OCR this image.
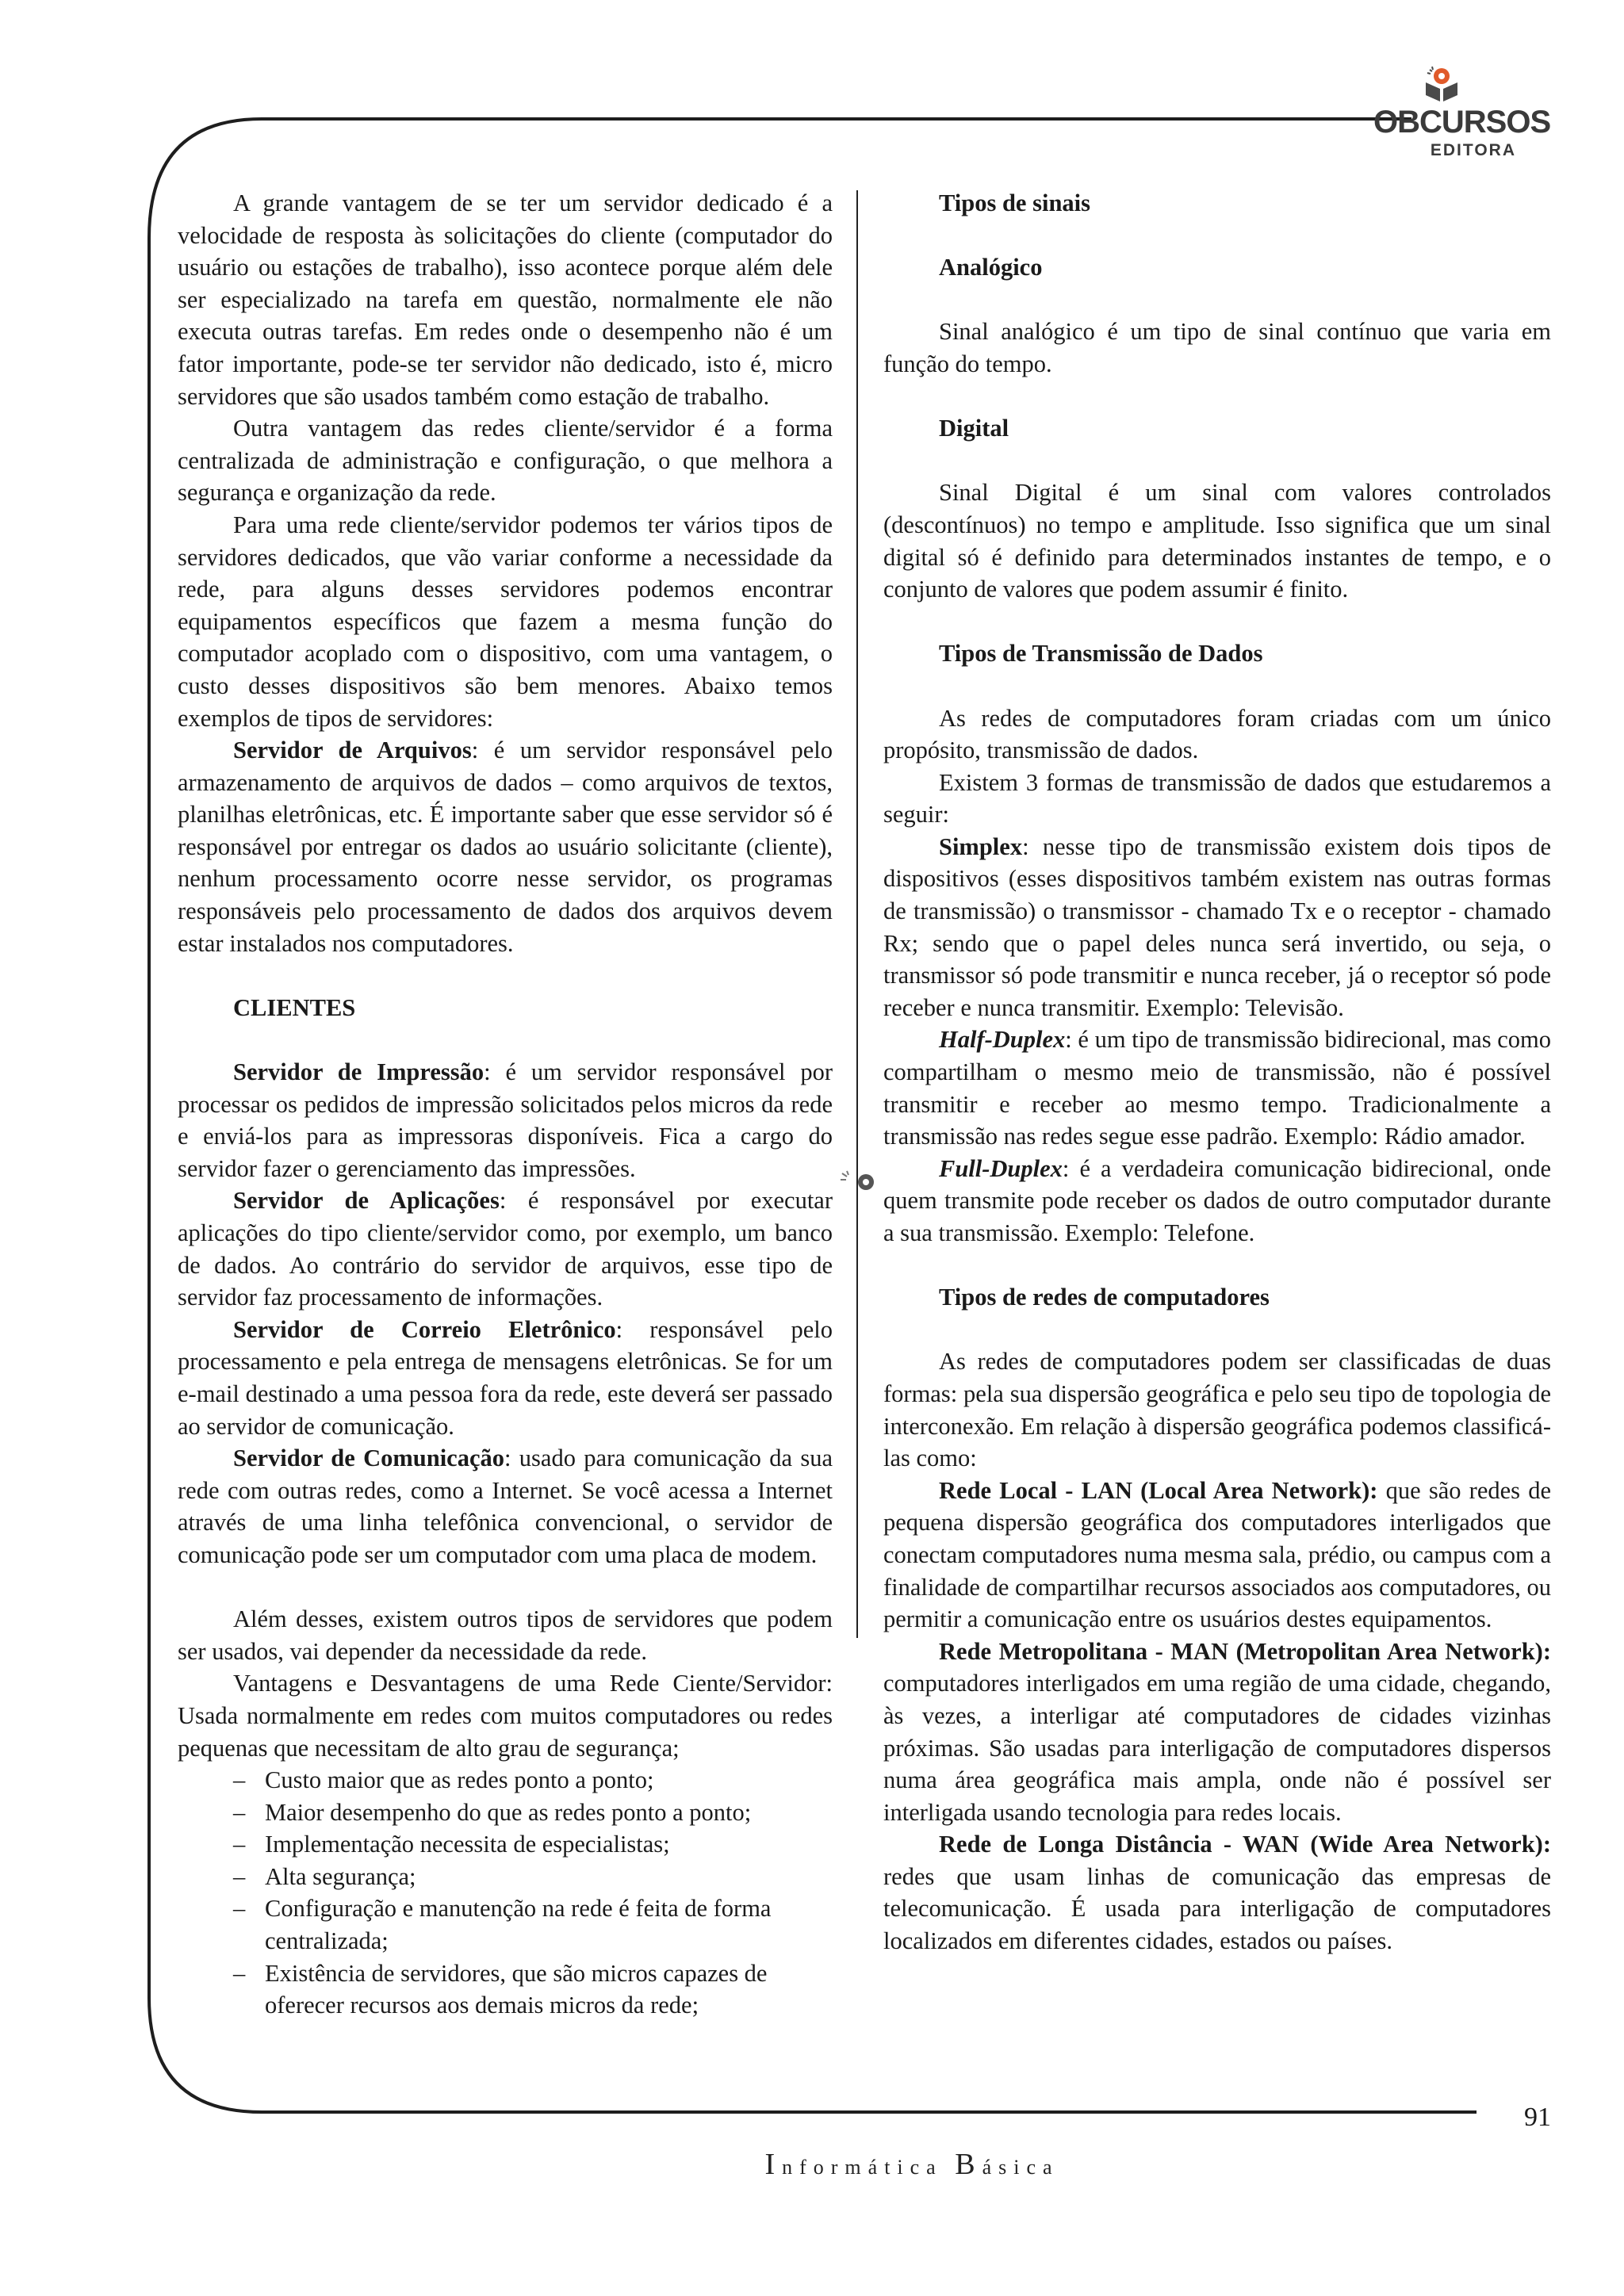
OBCURSOS
EDITORA

A grande vantagem de se ter um servidor dedicado é a velocidade de resposta às solicitações do cliente (computador do usuário ou estações de trabalho), isso acontece porque além dele ser especializado na tarefa em questão, normalmente ele não executa outras tarefas. Em redes onde o desempenho não é um fator importante, pode-se ter servidor não dedicado, isto é, micro servidores que são usados também como estação de trabalho.

Outra vantagem das redes cliente/servidor é a forma centralizada de administração e configuração, o que melhora a segurança e organização da rede.

Para uma rede cliente/servidor podemos ter vários tipos de servidores dedicados, que vão variar conforme a necessidade da rede, para alguns desses servidores podemos encontrar equipamentos específicos que fazem a mesma função do computador acoplado com o dispositivo, com uma vantagem, o custo desses dispositivos são bem menores. Abaixo temos exemplos de tipos de servidores:

Servidor de Arquivos: é um servidor responsável pelo armazenamento de arquivos de dados – como arquivos de textos, planilhas eletrônicas, etc. É importante saber que esse servidor só é responsável por entregar os dados ao usuário solicitante (cliente), nenhum processamento ocorre nesse servidor, os programas responsáveis pelo processamento de dados dos arquivos devem estar instalados nos computadores.

CLIENTES

Servidor de Impressão: é um servidor responsável por processar os pedidos de impressão solicitados pelos micros da rede e enviá-los para as impressoras disponíveis. Fica a cargo do servidor fazer o gerenciamento das impressões.

Servidor de Aplicações: é responsável por executar aplicações do tipo cliente/servidor como, por exemplo, um banco de dados. Ao contrário do servidor de arquivos, esse tipo de servidor faz processamento de informações.

Servidor de Correio Eletrônico: responsável pelo processamento e pela entrega de mensagens eletrônicas. Se for um e-mail destinado a uma pessoa fora da rede, este deverá ser passado ao servidor de comunicação.

Servidor de Comunicação: usado para comunicação da sua rede com outras redes, como a Internet. Se você acessa a Internet através de uma linha telefônica convencional, o servidor de comunicação pode ser um computador com uma placa de modem.

Além desses, existem outros tipos de servidores que podem ser usados, vai depender da necessidade da rede.

Vantagens e Desvantagens de uma Rede Ciente/Servidor: Usada normalmente em redes com muitos computadores ou redes pequenas que necessitam de alto grau de segurança;

– Custo maior que as redes ponto a ponto;
– Maior desempenho do que as redes ponto a ponto;
– Implementação necessita de especialistas;
– Alta segurança;
– Configuração e manutenção na rede é feita de forma centralizada;
– Existência de servidores, que são micros capazes de oferecer recursos aos demais micros da rede;
Tipos de sinais
Analógico

Sinal analógico é um tipo de sinal contínuo que varia em função do tempo.

Digital

Sinal Digital é um sinal com valores controlados (descontínuos) no tempo e amplitude. Isso significa que um sinal digital só é definido para determinados instantes de tempo, e o conjunto de valores que podem assumir é finito.

Tipos de Transmissão de Dados

As redes de computadores foram criadas com um único propósito, transmissão de dados.

Existem 3 formas de transmissão de dados que estudaremos a seguir:

Simplex: nesse tipo de transmissão existem dois tipos de dispositivos (esses dispositivos também existem nas outras formas de transmissão) o transmissor - chamado Tx e o receptor - chamado Rx; sendo que o papel deles nunca será invertido, ou seja, o transmissor só pode transmitir e nunca receber, já o receptor só pode receber e nunca transmitir. Exemplo: Televisão.

Half-Duplex: é um tipo de transmissão bidirecional, mas como compartilham o mesmo meio de transmissão, não é possível transmitir e receber ao mesmo tempo. Tradicionalmente a transmissão nas redes segue esse padrão. Exemplo: Rádio amador.

Full-Duplex: é a verdadeira comunicação bidirecional, onde quem transmite pode receber os dados de outro computador durante a sua transmissão. Exemplo: Telefone.

Tipos de redes de computadores

As redes de computadores podem ser classificadas de duas formas: pela sua dispersão geográfica e pelo seu tipo de topologia de interconexão. Em relação à dispersão geográfica podemos classificá-las como:

Rede Local - LAN (Local Area Network): que são redes de pequena dispersão geográfica dos computadores interligados que conectam computadores numa mesma sala, prédio, ou campus com a finalidade de compartilhar recursos associados aos computadores, ou permitir a comunicação entre os usuários destes equipamentos.

Rede Metropolitana - MAN (Metropolitan Area Network): computadores interligados em uma região de uma cidade, chegando, às vezes, a interligar até computadores de cidades vizinhas próximas. São usadas para interligação de computadores dispersos numa área geográfica mais ampla, onde não é possível ser interligada usando tecnologia para redes locais.

Rede de Longa Distância - WAN (Wide Area Network): redes que usam linhas de comunicação das empresas de telecomunicação. É usada para interligação de computadores localizados em diferentes cidades, estados ou países.

91
Informática Básica
